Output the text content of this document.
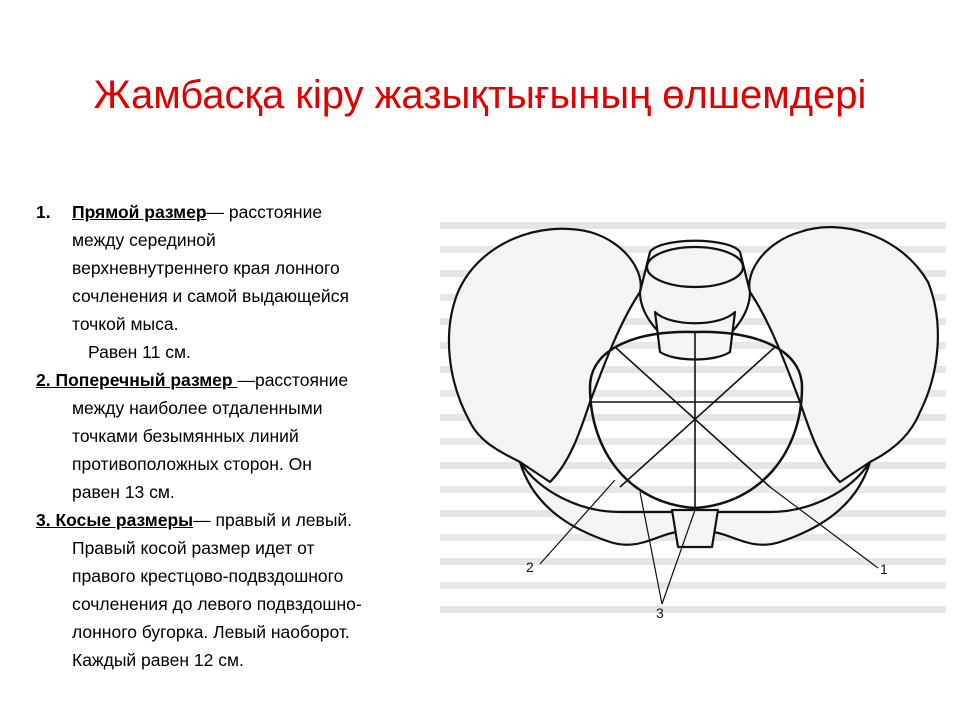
Жамбасқа кіру жазықтығының өлшемдері
1. Прямой размер— расстояние
между серединой
верхневнутреннего края лонного
сочленения и самой выдающейся
точкой мыса.
Равен 11 см.
2. Поперечный размер —расстояние
между наиболее отдаленными
точками безымянных линий
противоположных сторон. Он
равен 13 см.
3. Косые размеры— правый и левый.
Правый косой размер идет от
правого крестцово-подвздошного
сочленения до левого подвздошно-
лонного бугорка. Левый наоборот.
Каждый равен 12 см.
2
3
1
